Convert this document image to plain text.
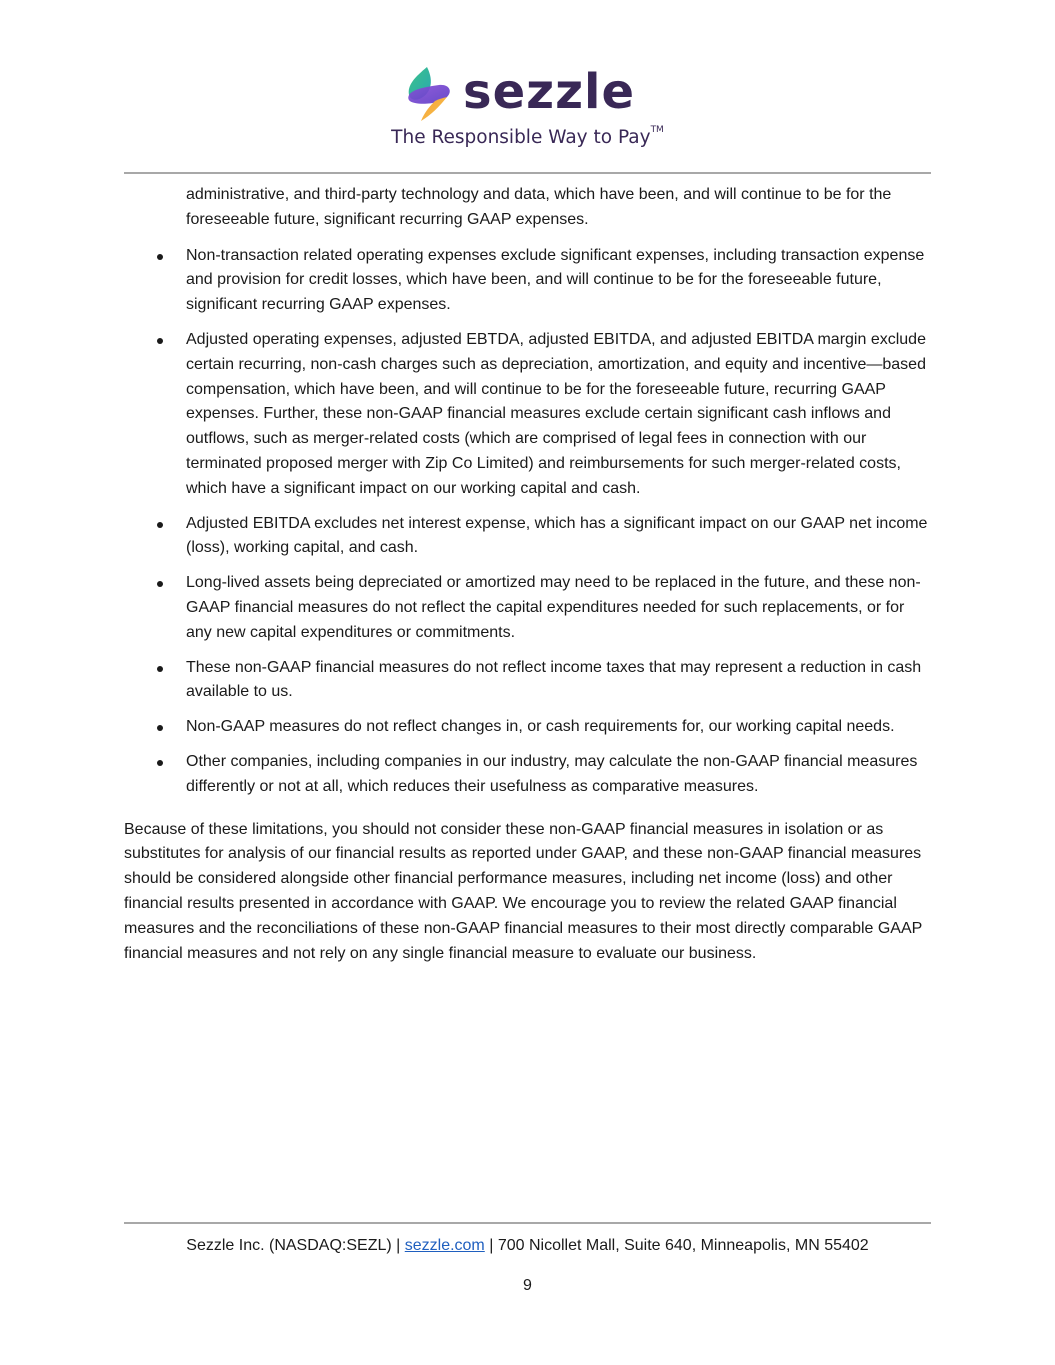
sezzle
The Responsible Way to Pay™

administrative, and third-party technology and data, which have been, and will continue to be for the foreseeable future, significant recurring GAAP expenses.

Non-transaction related operating expenses exclude significant expenses, including transaction expense and provision for credit losses, which have been, and will continue to be for the foreseeable future, significant recurring GAAP expenses.
Adjusted operating expenses, adjusted EBTDA, adjusted EBITDA, and adjusted EBITDA margin exclude certain recurring, non-cash charges such as depreciation, amortization, and equity and incentive—based compensation, which have been, and will continue to be for the foreseeable future, recurring GAAP expenses. Further, these non-GAAP financial measures exclude certain significant cash inflows and outflows, such as merger-related costs (which are comprised of legal fees in connection with our terminated proposed merger with Zip Co Limited) and reimbursements for such merger-related costs, which have a significant impact on our working capital and cash.
Adjusted EBITDA excludes net interest expense, which has a significant impact on our GAAP net income (loss), working capital, and cash.
Long-lived assets being depreciated or amortized may need to be replaced in the future, and these non-GAAP financial measures do not reflect the capital expenditures needed for such replacements, or for any new capital expenditures or commitments.
These non-GAAP financial measures do not reflect income taxes that may represent a reduction in cash available to us.
Non-GAAP measures do not reflect changes in, or cash requirements for, our working capital needs.
Other companies, including companies in our industry, may calculate the non-GAAP financial measures differently or not at all, which reduces their usefulness as comparative measures.

Because of these limitations, you should not consider these non-GAAP financial measures in isolation or as substitutes for analysis of our financial results as reported under GAAP, and these non-GAAP financial measures should be considered alongside other financial performance measures, including net income (loss) and other financial results presented in accordance with GAAP. We encourage you to review the related GAAP financial measures and the reconciliations of these non-GAAP financial measures to their most directly comparable GAAP financial measures and not rely on any single financial measure to evaluate our business.

Sezzle Inc. (NASDAQ:SEZL) | sezzle.com | 700 Nicollet Mall, Suite 640, Minneapolis, MN 55402
9
